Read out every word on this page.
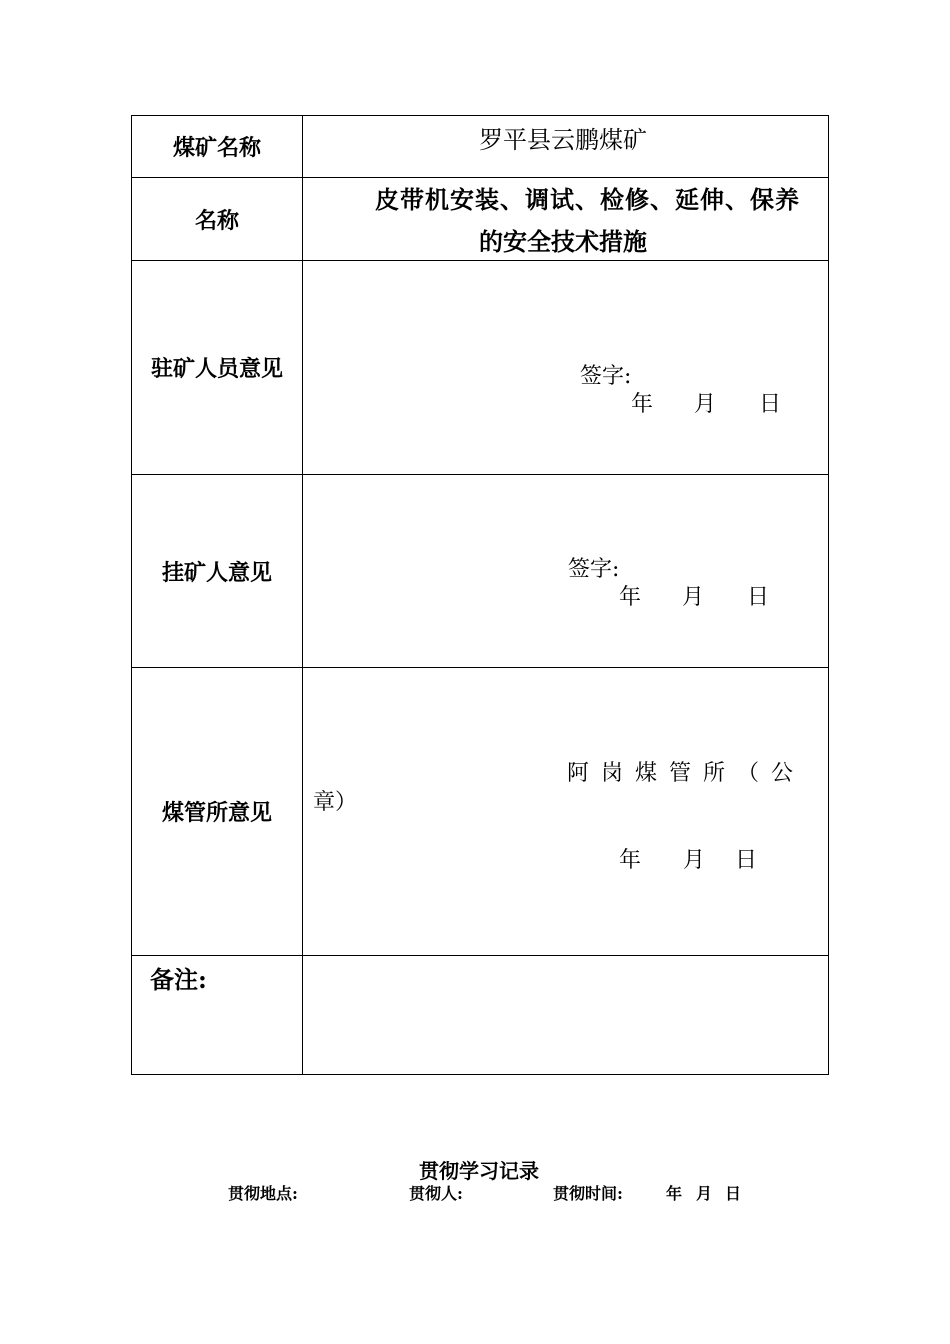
煤矿名称	罗平县云鹏煤矿

名称	皮带机安装、调试、检修、延伸、保养
的安全技术措施

驻矿人员意见	签字:
年 月 日

挂矿人意见	签字:
年 月 日

煤管所意见	阿岗煤管所（公
章）
年 月 日

备注:	

贯彻学习记录
贯彻地点:	贯彻人:	贯彻时间:	年 月 日
